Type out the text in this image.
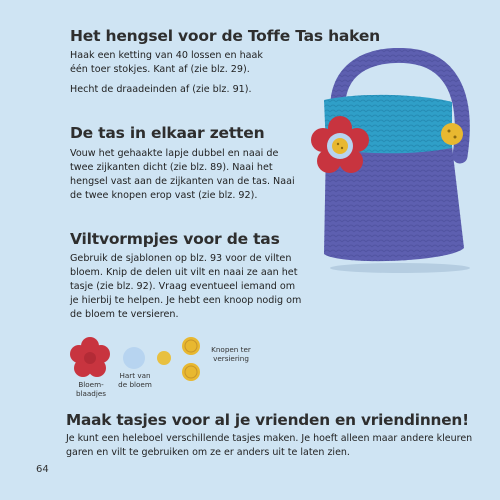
Het hengsel voor de Toffe Tas haken

Haak een ketting van 40 lossen en haak één toer stokjes. Kant af (zie blz. 29).

Hecht de draadeinden af (zie blz. 91).

De tas in elkaar zetten

Vouw het gehaakte lapje dubbel en naai de twee zijkanten dicht (zie blz. 89). Naai het hengsel vast aan de zijkanten van de tas. Naai de twee knopen erop vast (zie blz. 92).

Viltvormpjes voor de tas

Gebruik de sjablonen op blz. 93 voor de vilten bloem. Knip de delen uit vilt en naai ze aan het tasje (zie blz. 92). Vraag eventueel iemand om je hierbij te helpen. Je hebt een knoop nodig om de bloem te versieren.

Bloem-
blaadjes
Hart van
de bloem
Knopen ter
versiering
Maak tasjes voor al je vrienden en vriendinnen!

Je kunt een heleboel verschillende tasjes maken. Je hoeft alleen maar andere kleuren garen en vilt te gebruiken om ze er anders uit te laten zien.

64
